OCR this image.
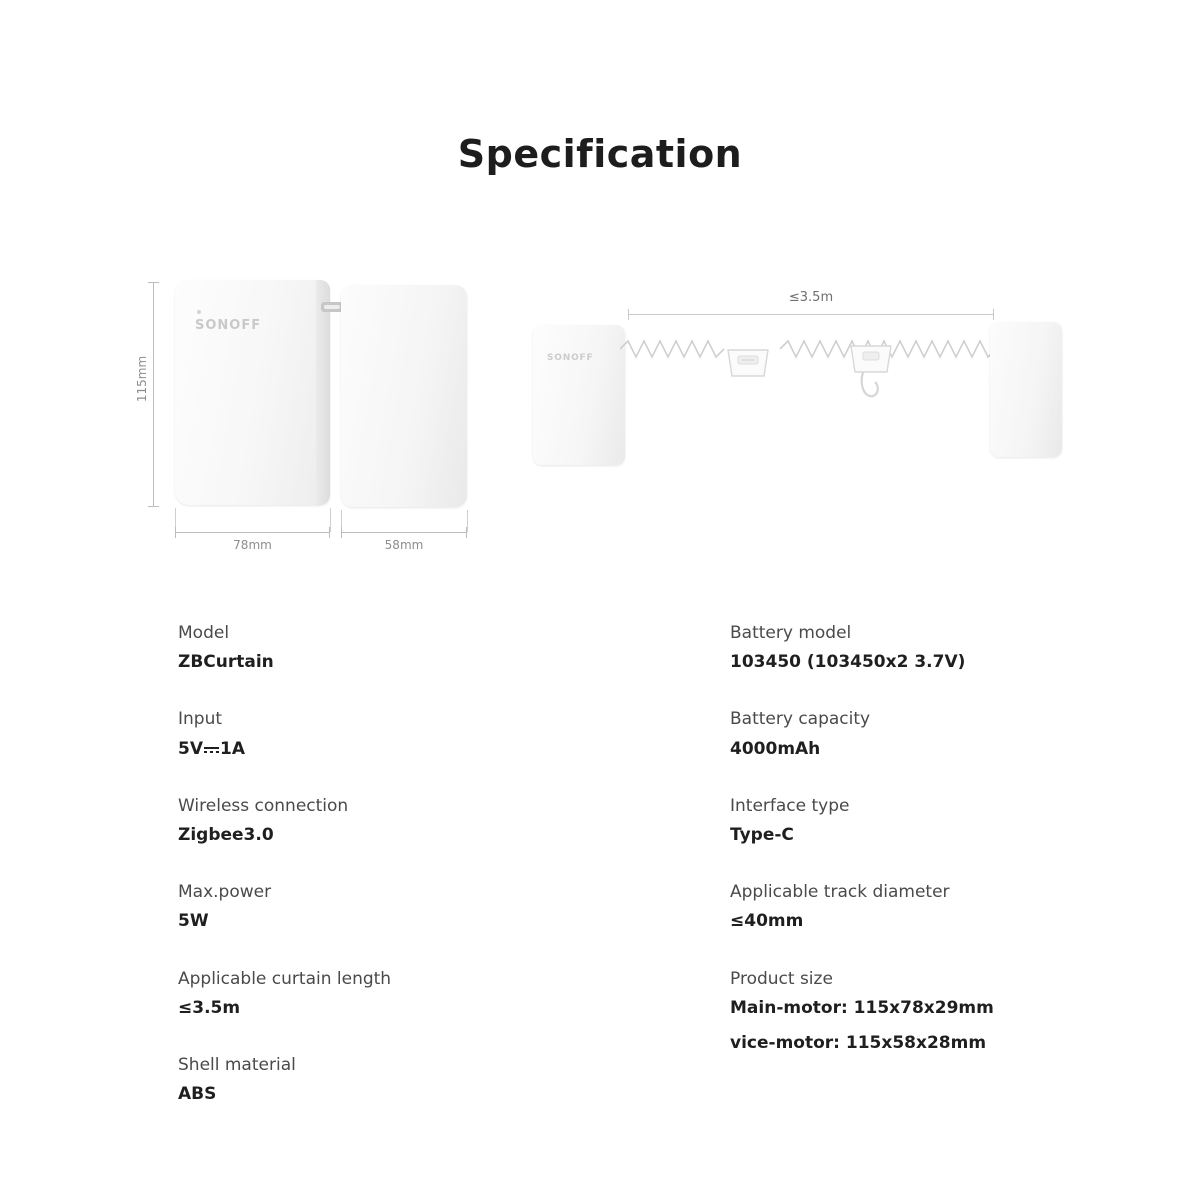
Specification
115mm
SONOFF
78mm	58mm
≤3.5m
SONOFF
Model
ZBCurtain
Input
5V 1A
Wireless connection
Zigbee3.0
Max.power
5W
Applicable curtain length
≤3.5m
Shell material
ABS
Battery model
103450 (103450x2 3.7V)
Battery capacity
4000mAh
Interface type
Type-C
Applicable track diameter
≤40mm
Product size
Main-motor: 115x78x29mm
vice-motor: 115x58x28mm
